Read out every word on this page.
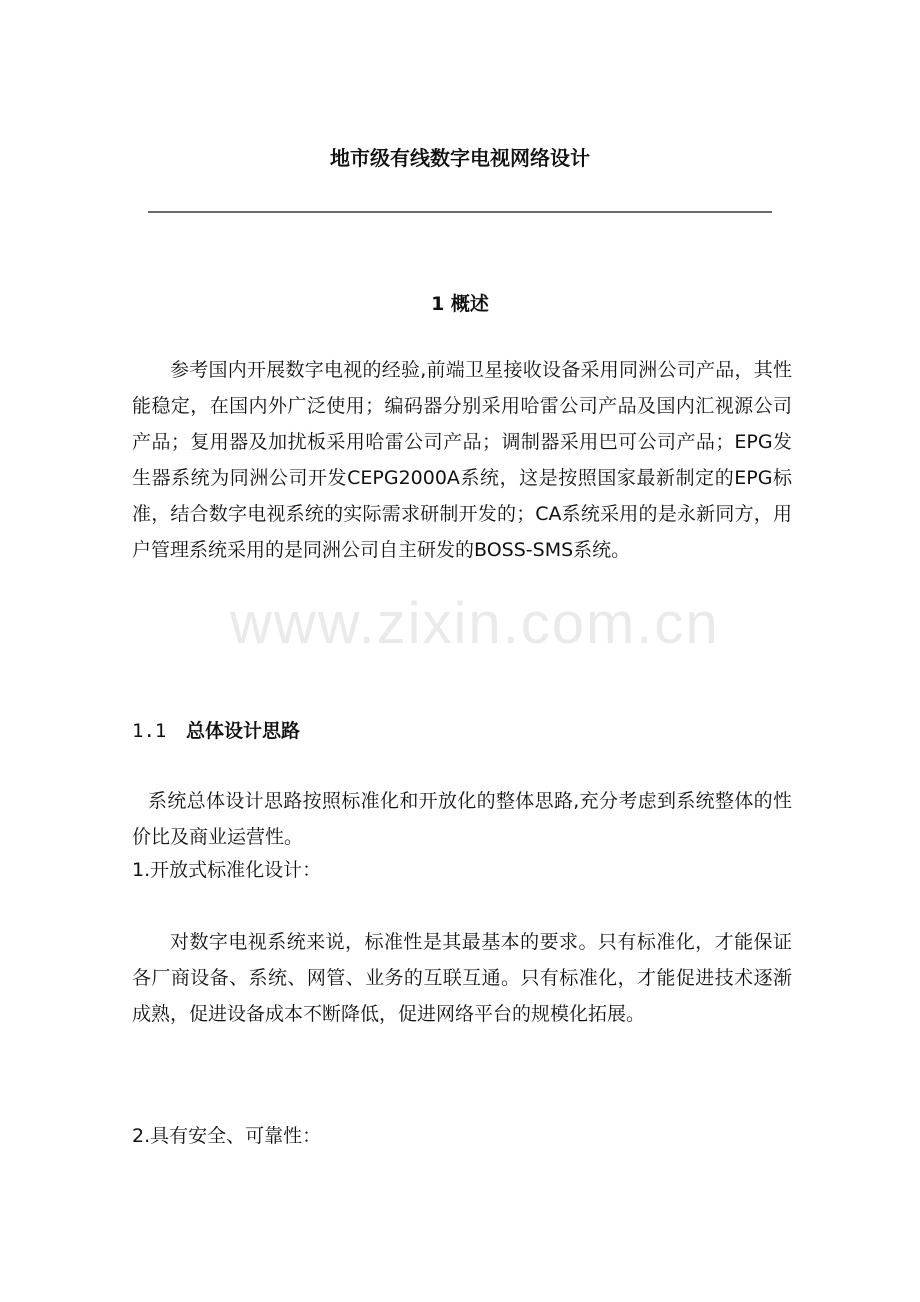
地市级有线数字电视网络设计
1 概述

参考国内开展数字电视的经验,前端卫星接收设备采用同洲公司产品，其性能稳定，在国内外广泛使用；编码器分别采用哈雷公司产品及国内汇视源公司产品；复用器及加扰板采用哈雷公司产品；调制器采用巴可公司产品；EPG发生器系统为同洲公司开发CEPG2000A系统，这是按照国家最新制定的EPG标准，结合数字电视系统的实际需求研制开发的；CA系统采用的是永新同方，用户管理系统采用的是同洲公司自主研发的BOSS-SMS系统。

1.1 总体设计思路

系统总体设计思路按照标准化和开放化的整体思路,充分考虑到系统整体的性价比及商业运营性。

1.开放式标准化设计：

对数字电视系统来说，标准性是其最基本的要求。只有标准化，才能保证各厂商设备、系统、网管、业务的互联互通。只有标准化，才能促进技术逐渐成熟，促进设备成本不断降低，促进网络平台的规模化拓展。

2.具有安全、可靠性：
www.zixin.com.cn
